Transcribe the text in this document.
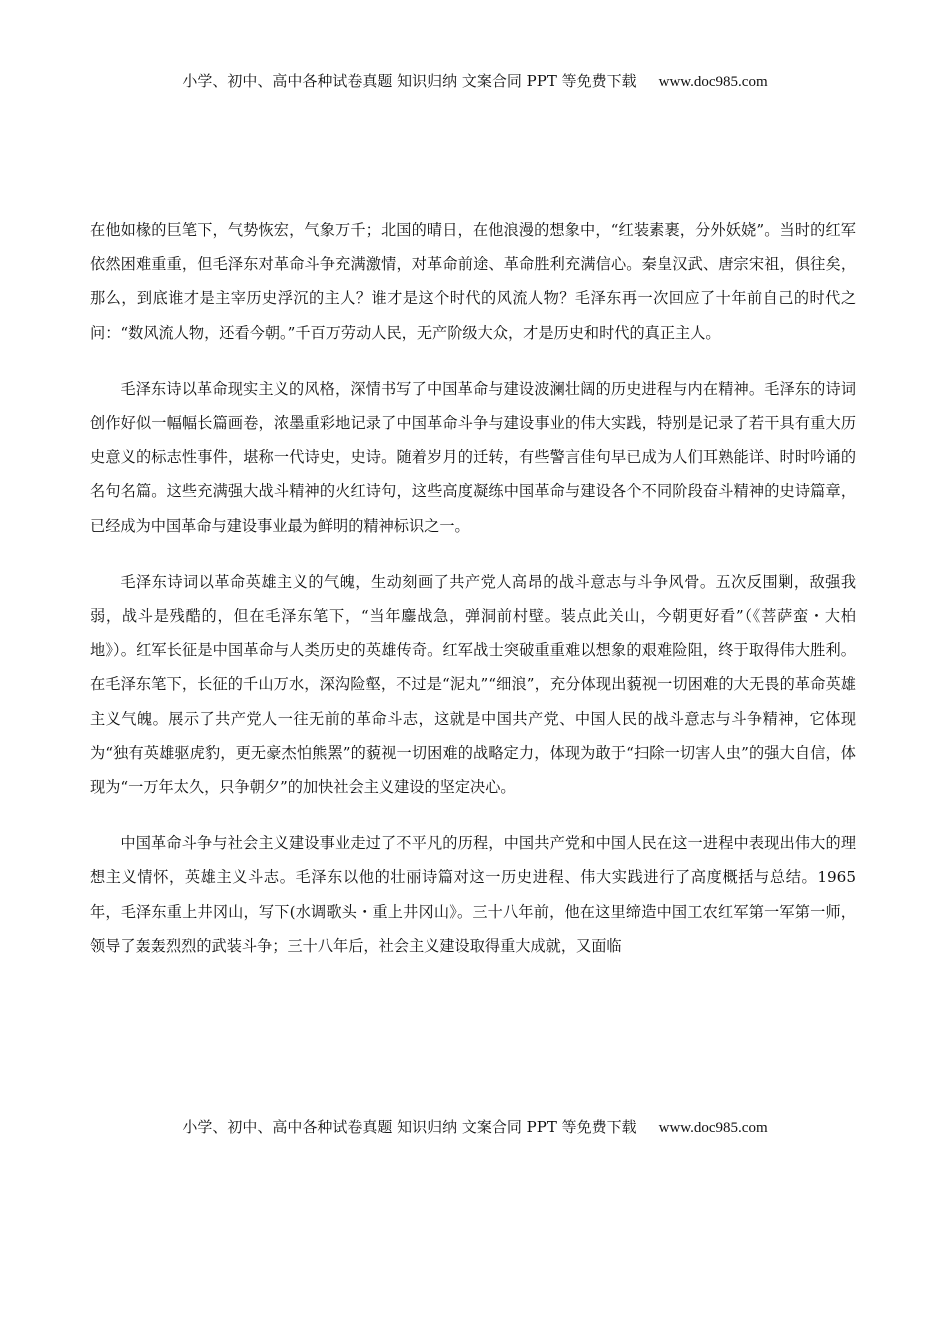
小学、初中、高中各种试卷真题 知识归纳 文案合同 PPT 等免费下载 www.doc985.com

在他如椽的巨笔下，气势恢宏，气象万千；北国的晴日，在他浪漫的想象中，“红装素裹，分外妖娆”。当时的红军依然困难重重，但毛泽东对革命斗争充满激情，对革命前途、革命胜利充满信心。秦皇汉武、唐宗宋祖，俱往矣，那么，到底谁才是主宰历史浮沉的主人？谁才是这个时代的风流人物？毛泽东再一次回应了十年前自己的时代之问：“数风流人物，还看今朝。”千百万劳动人民，无产阶级大众，才是历史和时代的真正主人。

毛泽东诗以革命现实主义的风格，深情书写了中国革命与建设波澜壮阔的历史进程与内在精神。毛泽东的诗词创作好似一幅幅长篇画卷，浓墨重彩地记录了中国革命斗争与建设事业的伟大实践，特别是记录了若干具有重大历史意义的标志性事件，堪称一代诗史，史诗。随着岁月的迁转，有些警言佳句早已成为人们耳熟能详、时时吟诵的名句名篇。这些充满强大战斗精神的火红诗句，这些高度凝练中国革命与建设各个不同阶段奋斗精神的史诗篇章，已经成为中国革命与建设事业最为鲜明的精神标识之一。

毛泽东诗词以革命英雄主义的气魄，生动刻画了共产党人高昂的战斗意志与斗争风骨。五次反围剿，敌强我弱，战斗是残酷的，但在毛泽东笔下，“当年鏖战急，弹洞前村壁。装点此关山，今朝更好看”（《菩萨蛮・大柏地》）。红军长征是中国革命与人类历史的英雄传奇。红军战士突破重重难以想象的艰难险阻，终于取得伟大胜利。在毛泽东笔下，长征的千山万水，深沟险壑，不过是“泥丸”“细浪”，充分体现出藐视一切困难的大无畏的革命英雄主义气魄。展示了共产党人一往无前的革命斗志，这就是中国共产党、中国人民的战斗意志与斗争精神，它体现为“独有英雄驱虎豹，更无豪杰怕熊罴”的藐视一切困难的战略定力，体现为敢于“扫除一切害人虫”的强大自信，体现为“一万年太久，只争朝夕”的加快社会主义建设的坚定决心。

中国革命斗争与社会主义建设事业走过了不平凡的历程，中国共产党和中国人民在这一进程中表现出伟大的理想主义情怀，英雄主义斗志。毛泽东以他的壮丽诗篇对这一历史进程、伟大实践进行了高度概括与总结。1965 年，毛泽东重上井冈山，写下(水调歌头・重上井冈山》。三十八年前，他在这里缔造中国工农红军第一军第一师，领导了轰轰烈烈的武装斗争；三十八年后，社会主义建设取得重大成就，又面临

小学、初中、高中各种试卷真题 知识归纳 文案合同 PPT 等免费下载 www.doc985.com
